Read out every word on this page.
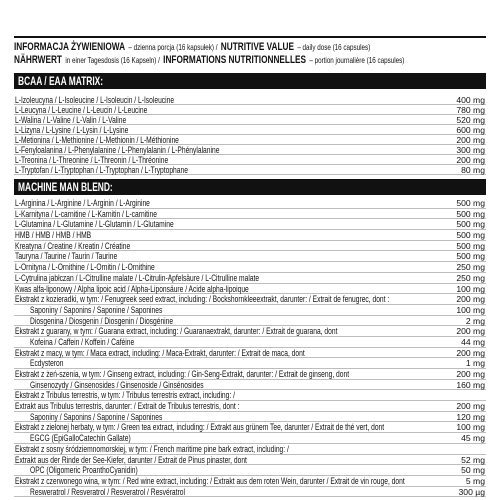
INFORMACJA ŻYWIENIOWA – dzienna porcja (16 kapsułek) / NUTRITIVE VALUE – daily dose (16 capsules)
NÄHRWERT in einer Tagesdosis (16 Kapseln) / INFORMATIONS NUTRITIONNELLES – portion journalière (16 capsules)
BCAA / EAA MATRIX:
L-Izoleucyna / L-Isoleucine / L-Isoleucin / L-Isoleucine	400 mg
L-Leucyna / L-Leucine / L-Leucin / L-Leucine	780 mg
L-Walina / L-Valine / L-Valin / L-Valine	520 mg
L-Lizyna / L-Lysine / L-Lysin / L-Lysine	600 mg
L-Metionina / L-Methionine / L-Methionin / L-Méthionine	200 mg
L-Fenyloalanina / L-Phenylalanine / L-Phenylalanin / L-Phénylalanine	300 mg
L-Treonina / L-Threonine / L-Threonin / L-Thréonine	200 mg
L-Tryptofan / L-Tryptophan / L-Tryptophan / L-Tryptophane	80 mg
MACHINE MAN BLEND:
L-Arginina / L-Arginine / L-Arginin / L-Arginine	500 mg
L-Karnityna / L-carnitine / L-Karnitin / L-carnitine	500 mg
L-Glutamina / L-Glutamine / L-Glutamin / L-Glutamine	500 mg
HMB / HMB / HMB / HMB	500 mg
Kreatyna / Creatine / Kreatin / Créatine	500 mg
Tauryna / Taurine / Taurin / Taurine	500 mg
L-Ornityna / L-Ornithine / L-Ornitin / L-Ornithine	250 mg
L-Cytrulina jabłczan / L-Citrulline malate / L-Citrulin-Apfelsäure / L-Citrulline malate	250 mg
Kwas alfa-liponowy / Alpha lipoic acid / Alpha-Liponsäure / Acide alpha-lipoique	100 mg
Ekstrakt z kozieradki, w tym: / Fenugreek seed extract, including: / Bockshornkleeextrakt, darunter: / Extrait de fenugrec, dont :	200 mg
Saponiny / Saponins / Saponine / Saponines	100 mg
Diosgenina / Diosgenin / Diosgenin / Diosgénine	2 mg
Ekstrakt z guarany, w tym: / Guarana extract, including: / Guaranaextrakt, darunter: / Extrait de guarana, dont	200 mg
Kofeina / Caffein / Koffein / Caféine	44 mg
Ekstrakt z macy, w tym: / Maca extract, including: / Maca-Extrakt, darunter: / Extrait de maca, dont	200 mg
Ecdysteron	1 mg
Ekstrakt z żeń-szenia, w tym: / Ginseng extract, including: / Gin-Seng-Extrakt, darunter: / Extrait de ginseng, dont	200 mg
Ginsenozydy / Ginsenosides / Ginsenoside / Ginsénosides	160 mg
Ekstrakt z Tribulus terrestris, w tym: / Tribulus terrestris extract, including: /
Extrakt aus Tribulus terrestris, darunter: / Extrait de Tribulus terrestris, dont :	200 mg
Saponiny / Saponins / Saponine / Saponines	120 mg
Ekstrakt z zielonej herbaty, w tym: / Green tea extract, including: / Extrakt aus grünem Tee, darunter / Extrait de thé vert, dont	100 mg
EGCG (EpiGalloCatechin Gallate)	45 mg
Ekstrakt z sosny śródziemnomorskiej, w tym: / French maritime pine bark extract, including: /
Extrakt aus der Rinde der See-Kiefer, darunter / Extrait de Pinus pinaster, dont	52 mg
OPC (Oligomeric ProanthoCyanidin)	50 mg
Ekstrakt z czerwonego wina, w tym: / Red wine extract, including: / Extrakt aus dem roten Wein, darunter / Extrait de vin rouge, dont	5 mg
Resweratrol / Resveratrol / Resveratrol / Resvératrol	300 µg
